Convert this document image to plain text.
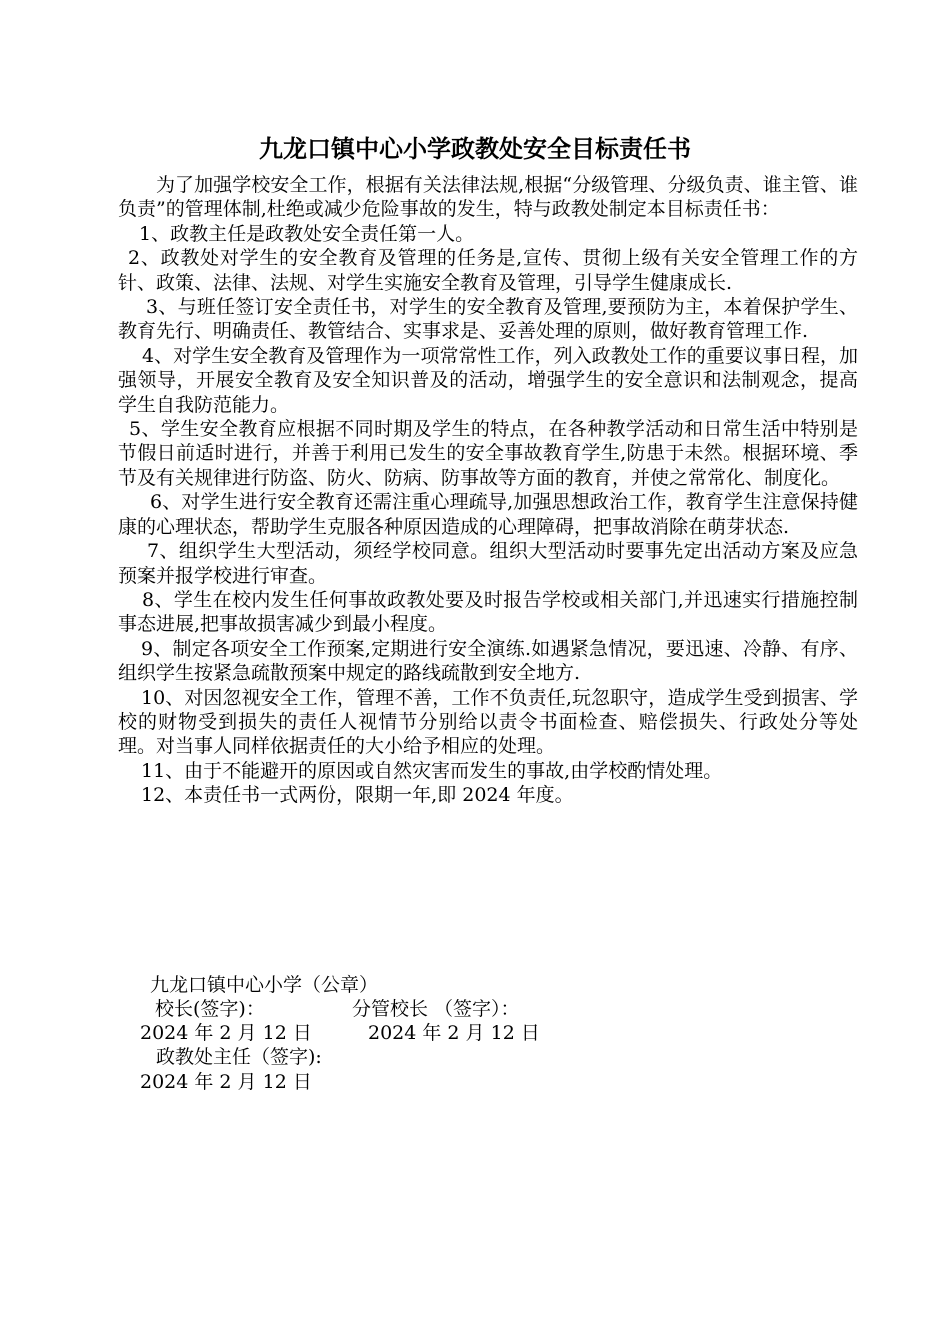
九龙口镇中心小学政教处安全目标责任书

为了加强学校安全工作，根据有关法律法规,根据“分级管理、分级负责、谁主管、谁负责”的管理体制,杜绝或减少危险事故的发生，特与政教处制定本目标责任书：

1、政教主任是政教处安全责任第一人。

2、政教处对学生的安全教育及管理的任务是,宣传、贯彻上级有关安全管理工作的方针、政策、法律、法规、对学生实施安全教育及管理，引导学生健康成长.

3、与班任签订安全责任书，对学生的安全教育及管理,要预防为主，本着保护学生、教育先行、明确责任、教管结合、实事求是、妥善处理的原则，做好教育管理工作.

4、对学生安全教育及管理作为一项常常性工作，列入政教处工作的重要议事日程，加强领导，开展安全教育及安全知识普及的活动，增强学生的安全意识和法制观念，提高学生自我防范能力。

5、学生安全教育应根据不同时期及学生的特点，在各种教学活动和日常生活中特别是节假日前适时进行，并善于利用已发生的安全事故教育学生,防患于未然。根据环境、季节及有关规律进行防盗、防火、防病、防事故等方面的教育，并使之常常化、制度化。

6、对学生进行安全教育还需注重心理疏导,加强思想政治工作，教育学生注意保持健康的心理状态，帮助学生克服各种原因造成的心理障碍，把事故消除在萌芽状态.

7、组织学生大型活动，须经学校同意。组织大型活动时要事先定出活动方案及应急预案并报学校进行审查。

8、学生在校内发生任何事故政教处要及时报告学校或相关部门,并迅速实行措施控制事态进展,把事故损害减少到最小程度。

9、制定各项安全工作预案,定期进行安全演练.如遇紧急情况，要迅速、冷静、有序、组织学生按紧急疏散预案中规定的路线疏散到安全地方.

10、对因忽视安全工作，管理不善，工作不负责任,玩忽职守，造成学生受到损害、学校的财物受到损失的责任人视情节分别给以责令书面检查、赔偿损失、行政处分等处理。对当事人同样依据责任的大小给予相应的处理。

11、由于不能避开的原因或自然灾害而发生的事故,由学校酌情处理。

12、本责任书一式两份，限期一年,即 2024 年度。

九龙口镇中心小学（公章）
校长(签字)：	分管校长 （签字）：
2024 年 2 月 12 日	2024 年 2 月 12 日
政教处主任（签字):
2024 年 2 月 12 日
